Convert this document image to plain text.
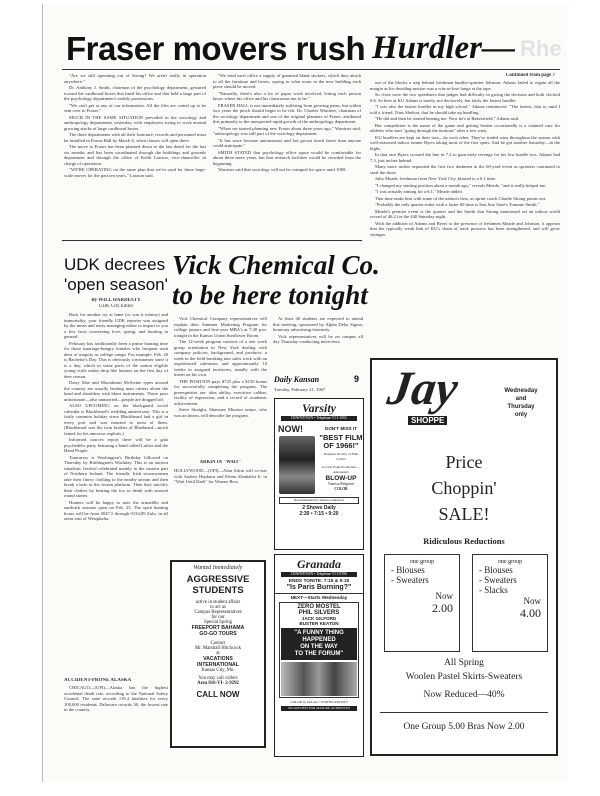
Rhe
Fraser movers rush Hurdler—

"Are we still operating out of Strong? We aren't really in operation anywhere."

Dr. Anthony J. Smith, chairman of the psychology department, gestured toward the cardboard boxes that lined his office and that held a large part of the psychology department's earthly possessions.

"We can't get at any of our information. All the files are crated up to be sent over to Fraser."

MUCH IN THE SAME SITUATION prevailed in the sociology and anthropology departments yesterday, with employees trying to work around growing stacks of large cardboard boxes.

The three departments with all their furniture, records and personnel must be installed in Fraser Hall by March 6, when classes will open there.

The move to Fraser has been planned down to the last detail for the last six months and has been coordinated through the buildings and grounds department and through the office of Keith Lawton, vice-chancellor in charge of operations.

"WE'RE OPERATING on the same plan that we've used for these large-scale moves for the past ten years," Lawton said.

"We send each office a supply of gummed blank stickers, which they attach to all the furniture and boxes, saying to what room in the new building each piece should be moved.

"Naturally, there's also a lot of paper work involved, letting each person know where his office and his classrooms are to be."

FRASER HALL is not immediately suffering from growing pains, but within two years the pinch should begin to be felt. Dr. Charles Warriner, chairman of the sociology department and one of the original planners of Fraser, attributed this primarily to the unexpected rapid growth of the anthropology department.

"When we started planning new Fraser about three years ago," Warriner said, "anthropology was still part of the sociology department.

"It has since become autonomous and has grown much faster than anyone could anticipate."

SMITH STATED that psychology office space would be comfortable for about three more years, but that research facilities would be crowded from the beginning.

Warriner said that sociology will not be cramped for space until 1969.

Continued from page 7

out of the blocks a step behind freshman hurdler-sprinter Johnson. Adams failed to regain all the margin as his deciding motion was a win-or-lose lunge at the tape.

So close were the two speedsters that judges had difficulty in giving the decision and both clocked 6.6. So here at KU Adams is barely, not decisively, but fairly the fastest hurdler.

"I was also the fastest hurdler in my high school," Adams reminisced. "The fastest, that is, until I told a friend, Titus Shelton, that he should take up hurdling.

"He did and then he started beating me. Now he's at Bakersfield," Adams said.

But competition is the name of the game and getting beaten occasionally is a claimed cure for athletes who start "going through the motions" after a few wins.

KU hurdlers are kept on their toes—by each other. They've traded wins throughout the season with well-seasoned indoor runner Byers taking most of the first spots. And he got another Saturday—in the highs.

In that race Byers crossed the line in 7.2 to gain early revenge for his low hurdle loss. Adams had 7.3, just inches behind.

Many more inches separated the first two dashmen in the 60-yard event as sprinters continued to steal the show.

Julio Meade, freshman from New York City, blasted to a 6.1 time.

"I changed my starting position about a month ago," reveals Meade, "and it really helped me.

"I was actually aiming for a 6.1," Meade added.

That time ranks him with some of the nation's best, as sprint coach Charlie Strong points out:

"Probably the only quarter-miler with a faster 60 time is San Jose State's Tommie Smith."

Meade's premier event is the quarter and the Smith that Strong mentioned set an indoor world record of 46.2 for the 440 Saturday night.

With the addition of Adams and Byers to the presence of freshmen Meade and Johnson, it appears that the typically weak link of KU's chain of track prowess has been strengthened, and will grow stronger.

UDK decrees 'open season'
By WILL HARDESTY
UDK City Editor

Back for another try at fame (or was it infamy) and immortality, your friendly UDK reporter was assigned by the mean and nasty managing editor to impart to you a few facts concerning love, spring, and hunting in general.

February has traditionally been a prime hunting time for those marriage-hungry females who frequent such dens of iniquity as college campi. For example, Feb. 28 is Bachelor's Day. This is obviously a misnomer since it is a day, which in some parts of the nation eligible young virile males drop like hunters on the first day of deer season.

Daisy Mae and Moonbeam McSwine types around the country are usually beating man critters about the head and shoulders with blunt instruments. Those poor unfortunate—also unmarried—people are dragged off.

ALSO UPCOMING on the blackguard social calendar is Blackbeard's wedding anniversary. This is a fairly common holiday since Blackbeard had a girl in every port and was married to most of them. (Blackbeard was the twin brother of Bluebeard—much famed for his amorous exploits.)

Informed sources report there will be a gala psychedelic party featuring a band called Luther and the Hand People.

Tomorrow is Washington's Birthday followed on Thursday by Birthington's Washday. This is an ancient ritualistic festival celebrated mainly in the eastern part of Northern Ireland. The friendly Irish townswomen take their finery clothing to the nearby stream and then break a hole in the frozen platform. Then they sanctify their clothes by beating the fox to death with smooth round stones.

Hunters will be happy to note the armadillo and aardvark seasons open on Feb. 23. The open hunting hours will be from 0047.5 through 0134.89 Zulu, in all areas east of Westphalia.

ACCIDENT-PRONE ALASKA

CHICAGO—(UPI)—Alaska has the highest accidental death rate, according to the National Safety Council. The state records 119.4 fatalities for every 100,000 residents. Delaware records 36, the lowest rate in the country.

Vick Chemical Co.
to be here tonight

Vick Chemical Company representatives will explain their Summer Marketing Program for college juniors and first-year MBA's at 7:30 p.m. tonight in the Kansas Union Sunflower Room.

The 12-week program consists of a one week group orientation in New York dealing with company policies, background, and products; a week in the field breaking into sales work with an experienced salesman; and approximately 10 weeks in assigned territories, usually with the intern on his own.

THE POSITION pays $725 plus a $150 bonus for successfully completing the program. The prerequisites are: idea ability, executive caliber, facility of expression, and a record of academic achievement.

Steve Straight, Shawnee Mission senior, who was an intern, will describe the program.

At least 40 students are expected to attend this meeting, sponsored by Alpha Delta Sigma, honorary advertising fraternity.

Vick representatives will be on campus all day Thursday conducting interviews.

ARKIN IN "WAIT"
HOLLYWOOD—(UPI)—Alan Arkin will co-star with Audrey Hepburn and Efrem Zimbalist Jr. in "Wait Until Dark" for Warner Bros.
Daily Kansan	9
Tuesday, February 21, 1967
Varsity
DOWNTOWN • Telephone VI 3-1065
NOW!	DON'T MISS IT
"BEST FILM OF 1966!"
National Society of Film Critics
A Carlo Ponti Production — Antonioni's
BLOW-UP
Vanessa Redgrave
COLOR
Recommended for mature audiences
2 Shows Daily
2:30 • 7:15 • 9:20
Granada
DOWNTOWN • Telephone VI 3-0700
ENDS TONITE: 7:15 & 9:15
"Is Paris Burning?"
NEXT—Starts Wednesday
ZERO MOSTEL
PHIL SILVERS
JACK GILFORD
BUSTER KEATON
"A FUNNY THING
HAPPENED
ON THE WAY
TO THE FORUM"
COLOR by DeLuxe • UNITED ARTISTS
SUGGESTED FOR MATURE AUDIENCES
Wanted Immediately
AGGRESSIVE
STUDENTS
active in student affairs
to act as
Campus Representatives
for our
Special Spring
FREEPORT BAHAMA
GO-GO TOURS
Contact
Mr. Marshall Hitchcock
at
VACATIONS
INTERNATIONAL
Kansas City, Mo.
You may call collect
Area 816-VI- 2-9292
CALL NOW
Jay
SHOPPE
Wednesday
and
Thursday
only
Price
Choppin'
SALE!
Ridiculous Reductions
one group
- Blouses
- Sweaters
Now
2.00
one group
- Blouses
- Sweaters
- Slacks
Now
4.00
All Spring
Woolen Pastel Skirts-Sweaters
Now Reduced—40%
One Group 5.00 Bras Now 2.00
